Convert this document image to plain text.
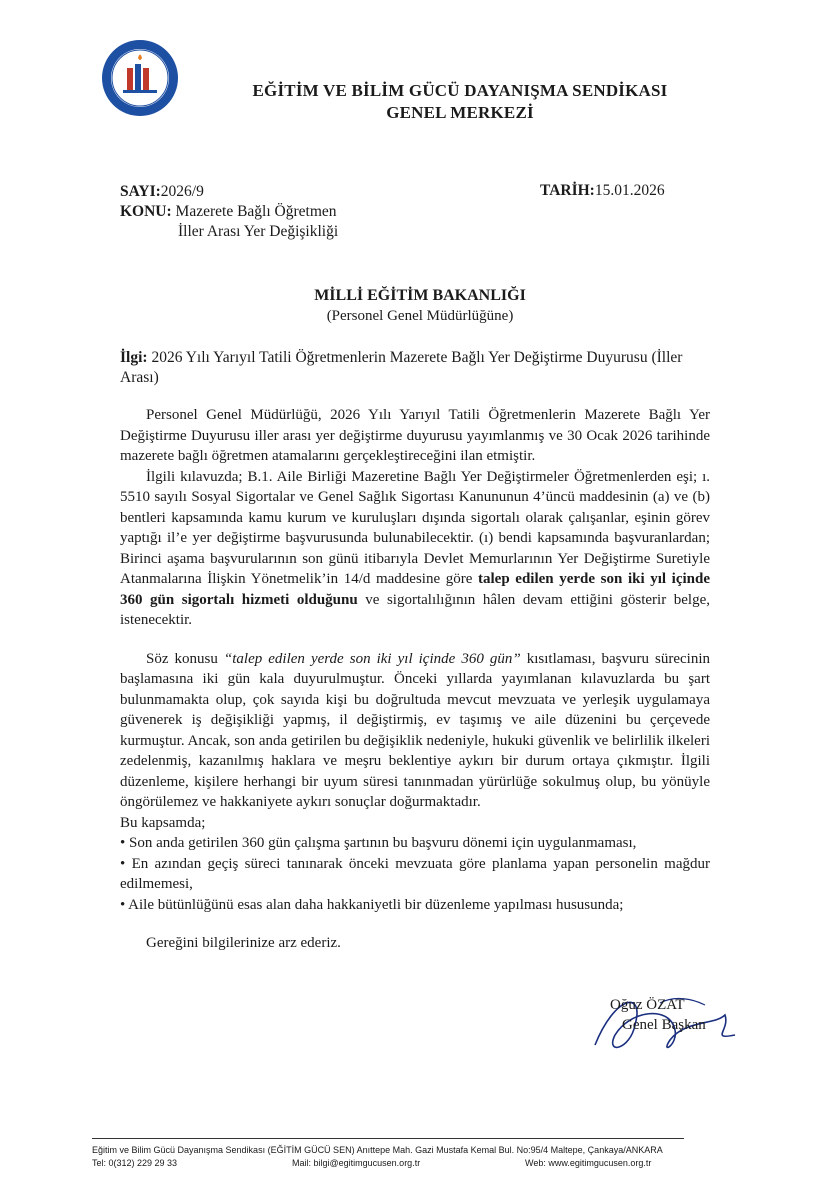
EĞİTİM VE BİLİM GÜCÜ DAYANIŞMA SENDİKASI
GENEL MERKEZİ
SAYI:2026/9
KONU: Mazerete Bağlı Öğretmen
İller Arası Yer Değişikliği
TARİH:15.01.2026
MİLLİ EĞİTİM BAKANLIĞI
(Personel Genel Müdürlüğüne)
İlgi: 2026 Yılı Yarıyıl Tatili Öğretmenlerin Mazerete Bağlı Yer Değiştirme Duyurusu (İller Arası)

Personel Genel Müdürlüğü, 2026 Yılı Yarıyıl Tatili Öğretmenlerin Mazerete Bağlı Yer Değiştirme Duyurusu iller arası yer değiştirme duyurusu yayımlanmış ve 30 Ocak 2026 tarihinde mazerete bağlı öğretmen atamalarını gerçekleştireceğini ilan etmiştir.

İlgili kılavuzda; B.1. Aile Birliği Mazeretine Bağlı Yer Değiştirmeler Öğretmenlerden eşi; ı. 5510 sayılı Sosyal Sigortalar ve Genel Sağlık Sigortası Kanununun 4’üncü maddesinin (a) ve (b) bentleri kapsamında kamu kurum ve kuruluşları dışında sigortalı olarak çalışanlar, eşinin görev yaptığı il’e yer değiştirme başvurusunda bulunabilecektir. (ı) bendi kapsamında başvuranlardan; Birinci aşama başvurularının son günü itibarıyla Devlet Memurlarının Yer Değiştirme Suretiyle Atanmalarına İlişkin Yönetmelik’in 14/d maddesine göre talep edilen yerde son iki yıl içinde 360 gün sigortalı hizmeti olduğunu ve sigortalılığının hâlen devam ettiğini gösterir belge, istenecektir.

Söz konusu “talep edilen yerde son iki yıl içinde 360 gün” kısıtlaması, başvuru sürecinin başlamasına iki gün kala duyurulmuştur. Önceki yıllarda yayımlanan kılavuzlarda bu şart bulunmamakta olup, çok sayıda kişi bu doğrultuda mevcut mevzuata ve yerleşik uygulamaya güvenerek iş değişikliği yapmış, il değiştirmiş, ev taşımış ve aile düzenini bu çerçevede kurmuştur. Ancak, son anda getirilen bu değişiklik nedeniyle, hukuki güvenlik ve belirlilik ilkeleri zedelenmiş, kazanılmış haklara ve meşru beklentiye aykırı bir durum ortaya çıkmıştır. İlgili düzenleme, kişilere herhangi bir uyum süresi tanınmadan yürürlüğe sokulmuş olup, bu yönüyle öngörülemez ve hakkaniyete aykırı sonuçlar doğurmaktadır.

Bu kapsamda;

• Son anda getirilen 360 gün çalışma şartının bu başvuru dönemi için uygulanmaması,

• En azından geçiş süreci tanınarak önceki mevzuata göre planlama yapan personelin mağdur edilmemesi,

• Aile bütünlüğünü esas alan daha hakkaniyetli bir düzenleme yapılması hususunda;

Gereğini bilgilerinize arz ederiz.

Oğuz ÖZAT
Genel Başkan
Eğitim ve Bilim Gücü Dayanışma Sendikası (EĞİTİM GÜCÜ SEN) Anıttepe Mah. Gazi Mustafa Kemal Bul. No:95/4 Maltepe, Çankaya/ANKARA
Tel: 0(312) 229 29 33	Mail: bilgi@egitimgucusen.org.tr	Web: www.egitimgucusen.org.tr
